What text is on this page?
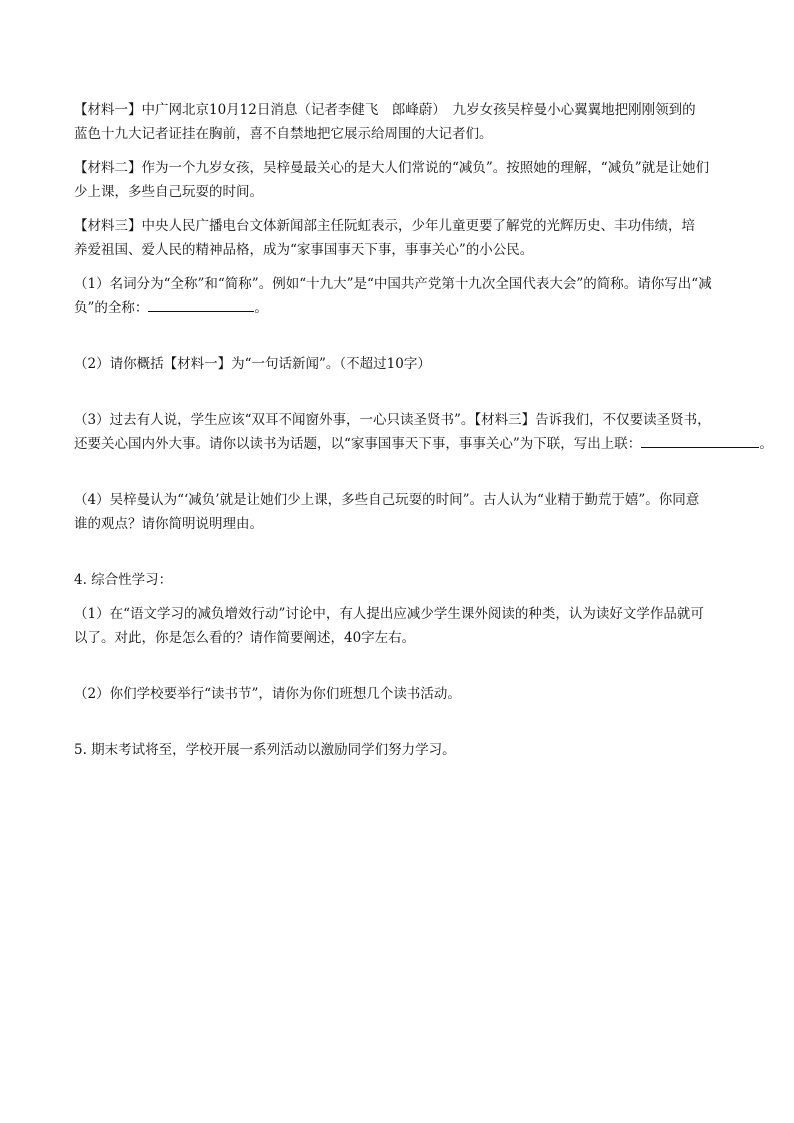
【材料一】中广网北京10月12日消息（记者李健飞　郎峰蔚）　九岁女孩吴梓曼小心翼翼地把刚刚领到的
蓝色十九大记者证挂在胸前，喜不自禁地把它展示给周围的大记者们。
【材料二】作为一个九岁女孩，吴梓曼最关心的是大人们常说的“减负”。按照她的理解，“减负”就是让她们
少上课，多些自己玩耍的时间。
【材料三】中央人民广播电台文体新闻部主任阮虹表示，少年儿童更要了解党的光辉历史、丰功伟绩，培
养爱祖国、爱人民的精神品格，成为“家事国事天下事，事事关心”的小公民。
（1）名词分为“全称”和“简称”。例如“十九大”是“中国共产党第十九次全国代表大会”的简称。请你写出“减
负”的全称：	。
（2）请你概括【材料一】为“一句话新闻”。（不超过10字）
（3）过去有人说，学生应该“双耳不闻窗外事，一心只读圣贤书”。【材料三】告诉我们，不仅要读圣贤书，
还要关心国内外大事。请你以读书为话题，以“家事国事天下事，事事关心”为下联，写出上联：	。
（4）吴梓曼认为“‘减负’就是让她们少上课，多些自己玩耍的时间”。古人认为“业精于勤荒于嬉”。你同意
谁的观点？请你简明说明理由。
4. 综合性学习：
（1）在“语文学习的减负增效行动”讨论中，有人提出应减少学生课外阅读的种类，认为读好文学作品就可
以了。对此，你是怎么看的？请作简要阐述，40字左右。
（2）你们学校要举行“读书节”，请你为你们班想几个读书活动。
5. 期末考试将至，学校开展一系列活动以激励同学们努力学习。
